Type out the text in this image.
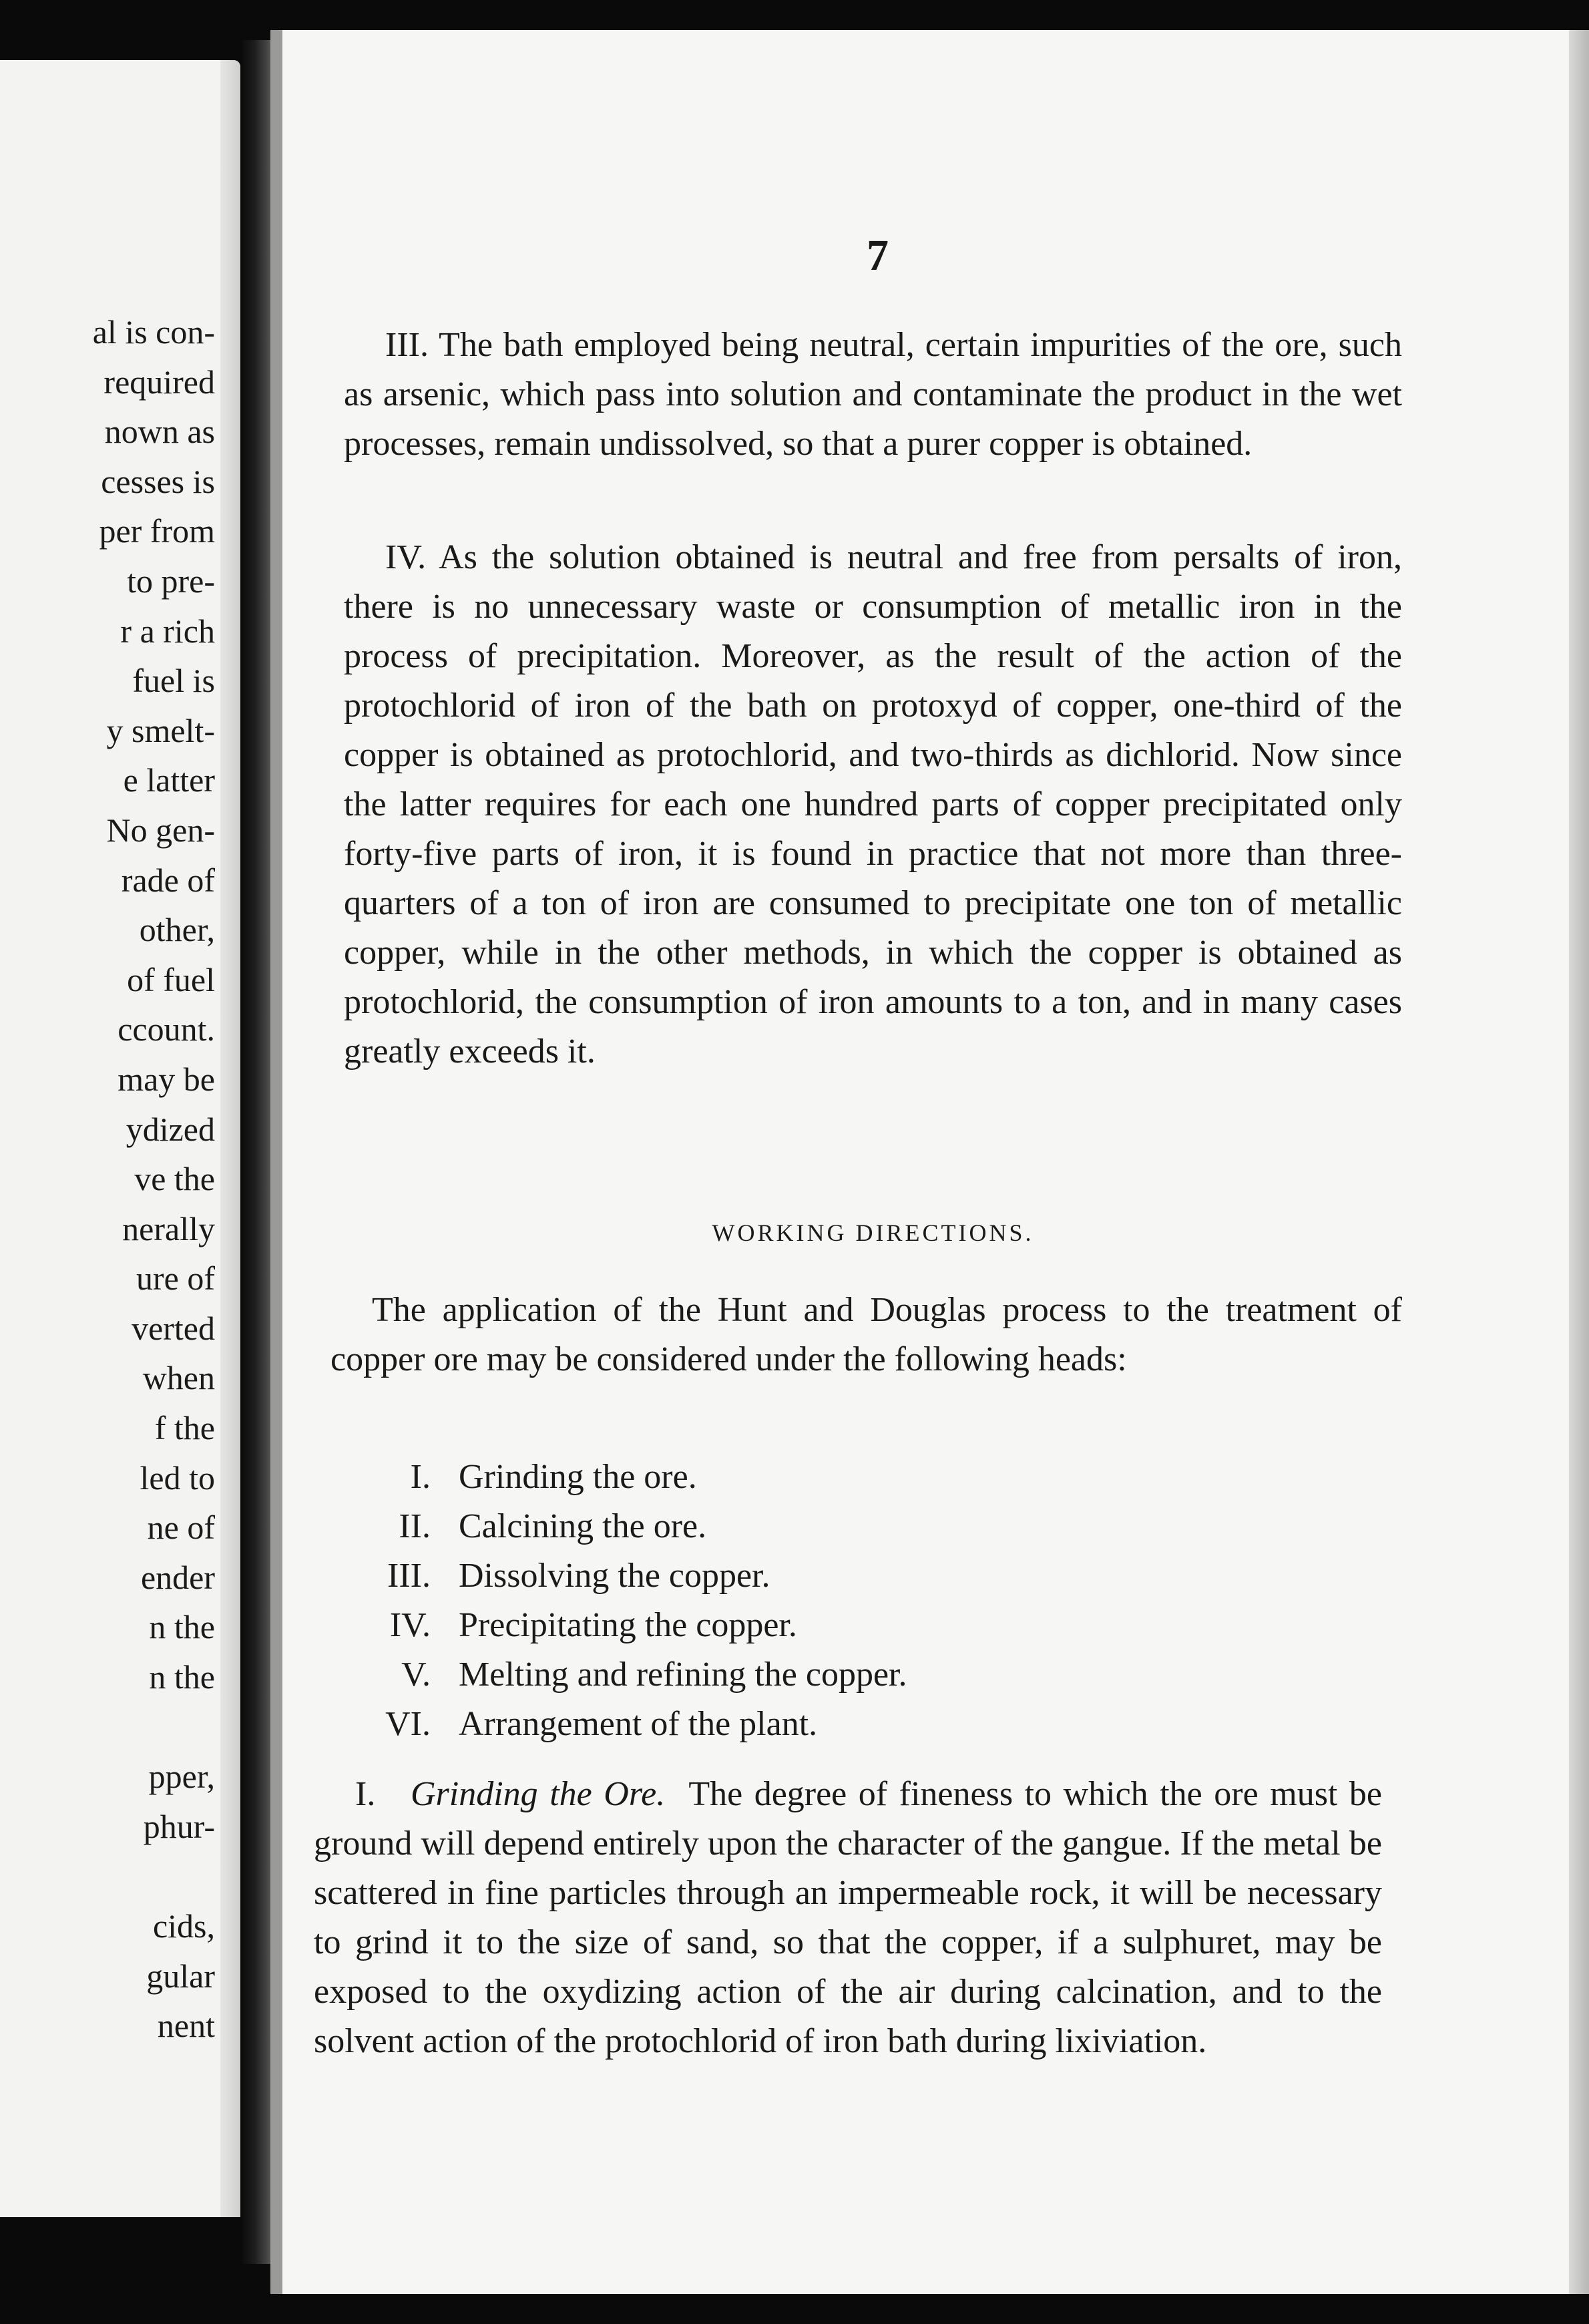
al is con-
required
nown as
cesses is
per from
to pre-
r a rich
fuel is
y smelt-
e latter
No gen-
rade of
other,
of fuel
ccount.
may be
ydized
ve the
nerally
ure of
verted
when
f the
led to
ne of
ender
n the
n the
pper,
phur-
cids,
gular
nent

7

III. The bath employed being neutral, certain impurities of the ore, such as arsenic, which pass into solution and contaminate the product in the wet processes, remain undissolved, so that a purer copper is obtained.

IV. As the solution obtained is neutral and free from persalts of iron, there is no unnecessary waste or consumption of metallic iron in the process of precipitation. Moreover, as the result of the action of the protochlorid of iron of the bath on protoxyd of copper, one-third of the copper is obtained as protochlorid, and two-thirds as dichlorid. Now since the latter requires for each one hundred parts of copper precipitated only forty-five parts of iron, it is found in practice that not more than three-quarters of a ton of iron are consumed to precipitate one ton of metallic copper, while in the other methods, in which the copper is obtained as protochlorid, the consumption of iron amounts to a ton, and in many cases greatly exceeds it.

WORKING DIRECTIONS.

The application of the Hunt and Douglas process to the treatment of copper ore may be considered under the following heads:

I. Grinding the ore.
II. Calcining the ore.
III. Dissolving the copper.
IV. Precipitating the copper.
V. Melting and refining the copper.
VI. Arrangement of the plant.

I. Grinding the Ore. The degree of fineness to which the ore must be ground will depend entirely upon the character of the gangue. If the metal be scattered in fine particles through an impermeable rock, it will be necessary to grind it to the size of sand, so that the copper, if a sulphuret, may be exposed to the oxydizing action of the air during calcination, and to the solvent action of the protochlorid of iron bath during lixiviation.
